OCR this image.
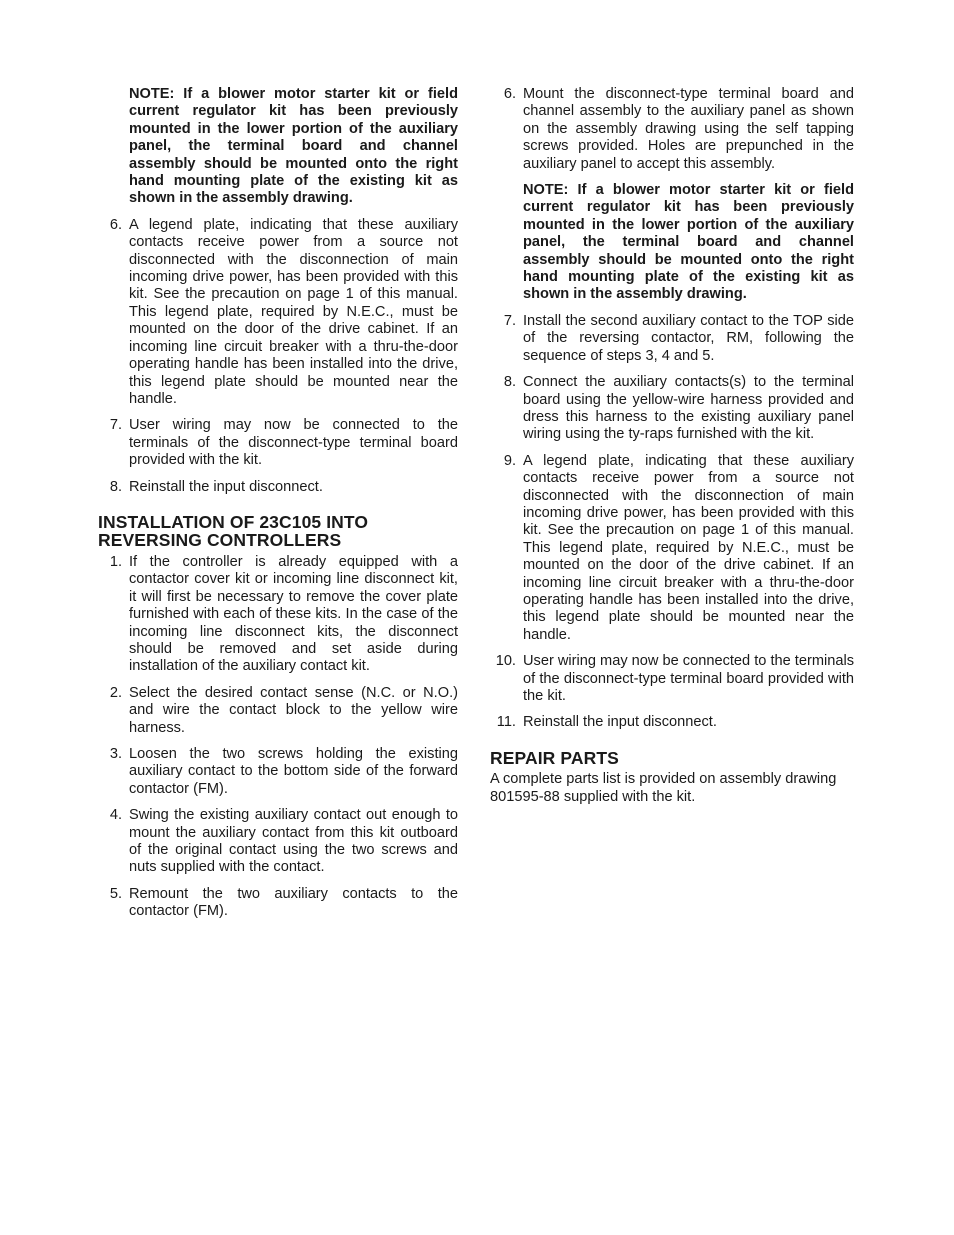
NOTE: If a blower motor starter kit or field current regulator kit has been previously mounted in the lower portion of the auxiliary panel, the terminal board and channel assembly should be mounted onto the right hand mounting plate of the existing kit as shown in the assembly drawing.

6. A legend plate, indicating that these auxiliary contacts receive power from a source not disconnected with the disconnection of main incoming drive power, has been provided with this kit. See the precaution on page 1 of this manual. This legend plate, required by N.E.C., must be mounted on the door of the drive cabinet. If an incoming line circuit breaker with a thru-the-door operating handle has been installed into the drive, this legend plate should be mounted near the handle.
7. User wiring may now be connected to the terminals of the disconnect-type terminal board provided with the kit.
8. Reinstall the input disconnect.
INSTALLATION OF 23C105 INTO REVERSING CONTROLLERS
1. If the controller is already equipped with a contactor cover kit or incoming line disconnect kit, it will first be necessary to remove the cover plate furnished with each of these kits. In the case of the incoming line disconnect kits, the disconnect should be removed and set aside during installation of the auxiliary contact kit.
2. Select the desired contact sense (N.C. or N.O.) and wire the contact block to the yellow wire harness.
3. Loosen the two screws holding the existing auxiliary contact to the bottom side of the forward contactor (FM).
4. Swing the existing auxiliary contact out enough to mount the auxiliary contact from this kit outboard of the original contact using the two screws and nuts supplied with the contact.
5. Remount the two auxiliary contacts to the contactor (FM).
6. Mount the disconnect-type terminal board and channel assembly to the auxiliary panel as shown on the assembly drawing using the self tapping screws provided. Holes are prepunched in the auxiliary panel to accept this assembly.

NOTE: If a blower motor starter kit or field current regulator kit has been previously mounted in the lower portion of the auxiliary panel, the terminal board and channel assembly should be mounted onto the right hand mounting plate of the existing kit as shown in the assembly drawing.

7. Install the second auxiliary contact to the TOP side of the reversing contactor, RM, following the sequence of steps 3, 4 and 5.
8. Connect the auxiliary contacts(s) to the terminal board using the yellow-wire harness provided and dress this harness to the existing auxiliary panel wiring using the ty-raps furnished with the kit.
9. A legend plate, indicating that these auxiliary contacts receive power from a source not disconnected with the disconnection of main incoming drive power, has been provided with this kit. See the precaution on page 1 of this manual. This legend plate, required by N.E.C., must be mounted on the door of the drive cabinet. If an incoming line circuit breaker with a thru-the-door operating handle has been installed into the drive, this legend plate should be mounted near the handle.
10. User wiring may now be connected to the terminals of the disconnect-type terminal board provided with the kit.
11. Reinstall the input disconnect.
REPAIR PARTS

A complete parts list is provided on assembly drawing 801595-88 supplied with the kit.
